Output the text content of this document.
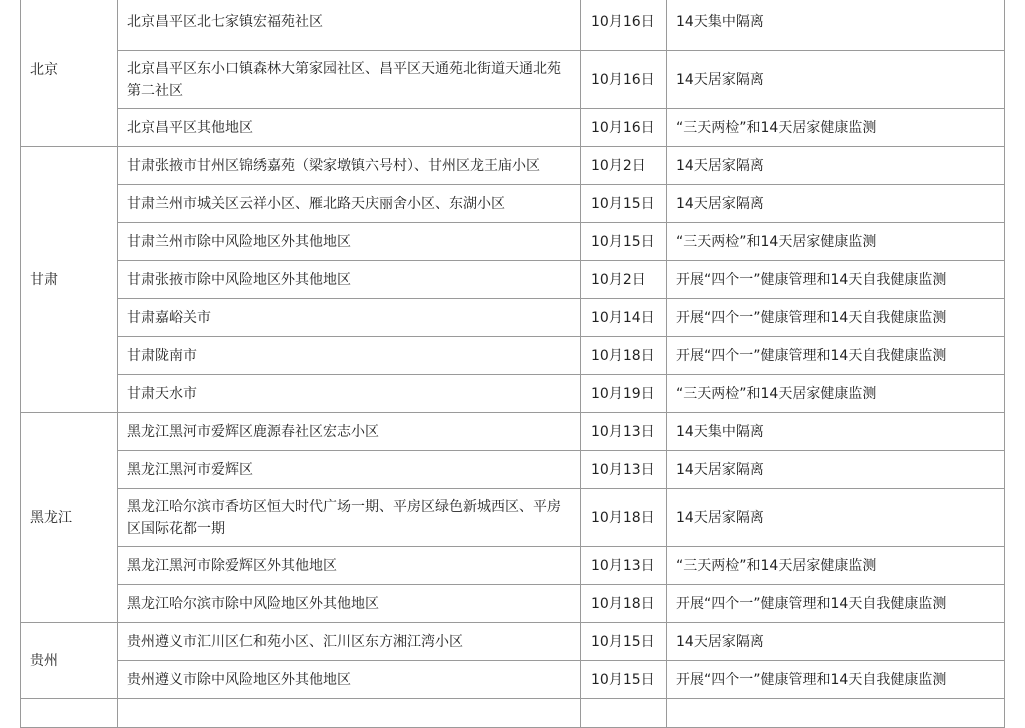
北京	北京昌平区北七家镇宏福苑社区	10月16日	14天集中隔离
	北京昌平区东小口镇森林大第家园社区、昌平区天通苑北街道天通北苑第二社区	10月16日	14天居家隔离
	北京昌平区其他地区	10月16日	“三天两检”和14天居家健康监测
甘肃	甘肃张掖市甘州区锦绣嘉苑（梁家墩镇六号村）、甘州区龙王庙小区	10月2日	14天居家隔离
	甘肃兰州市城关区云祥小区、雁北路天庆丽舍小区、东湖小区	10月15日	14天居家隔离
	甘肃兰州市除中风险地区外其他地区	10月15日	“三天两检”和14天居家健康监测
	甘肃张掖市除中风险地区外其他地区	10月2日	开展“四个一”健康管理和14天自我健康监测
	甘肃嘉峪关市	10月14日	开展“四个一”健康管理和14天自我健康监测
	甘肃陇南市	10月18日	开展“四个一”健康管理和14天自我健康监测
	甘肃天水市	10月19日	“三天两检”和14天居家健康监测
黑龙江	黑龙江黑河市爱辉区鹿源春社区宏志小区	10月13日	14天集中隔离
	黑龙江黑河市爱辉区	10月13日	14天居家隔离
	黑龙江哈尔滨市香坊区恒大时代广场一期、平房区绿色新城西区、平房区国际花都一期	10月18日	14天居家隔离
	黑龙江黑河市除爱辉区外其他地区	10月13日	“三天两检”和14天居家健康监测
	黑龙江哈尔滨市除中风险地区外其他地区	10月18日	开展“四个一”健康管理和14天自我健康监测
贵州	贵州遵义市汇川区仁和苑小区、汇川区东方湘江湾小区	10月15日	14天居家隔离
	贵州遵义市除中风险地区外其他地区	10月15日	开展“四个一”健康管理和14天自我健康监测
